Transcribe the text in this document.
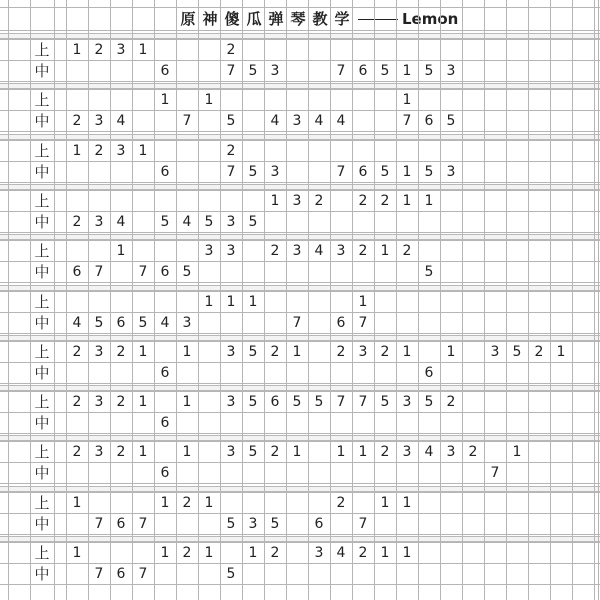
原 神 傻 瓜 弹 琴 教 学	Lemon
上	1 2 3 1	2
中	6	7 5 3	7 6 5 1 5 3
上	1	1	1
中	2 3 4	7	5	4 3 4 4	7 6 5
上	1 2 3 1	2
中	6	7 5 3	7 6 5 1 5 3
上	1 3 2	2 2 1 1
中	2 3 4	5 4 5 3 5
上	1	3 3	2 3 4 3 2 1 2
中	6 7	7 6 5	5
上	1 1 1	1
中	4 5 6 5 4 3	7	6 7
上	2 3 2 1	1	3 5 2 1	2 3 2 1	1	3 5 2 1
中	6	6
上	2 3 2 1	1	3 5 6 5 5 7 7 5 3 5 2
中	6
上	2 3 2 1	1	3 5 2 1	1 1 2 3 4 3 2	1
中	6	7
上	1	1 2 1	2	1 1
中	7 6 7	5 3 5	6	7
上	1	1 2 1	1 2	3 4 2 1 1
中	7 6 7	5
